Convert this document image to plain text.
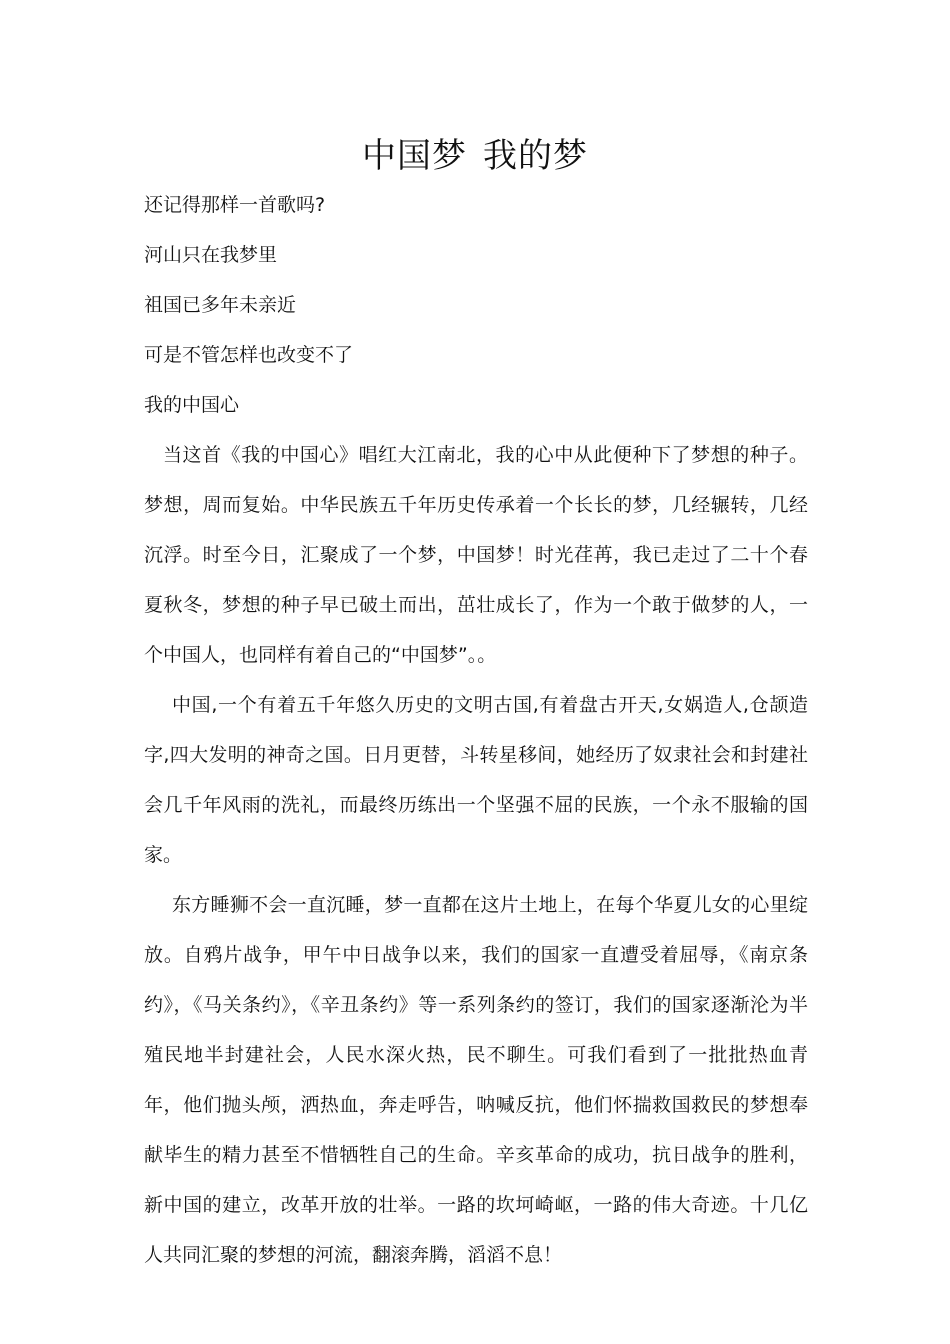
中国梦 我的梦
还记得那样一首歌吗?
河山只在我梦里
祖国已多年未亲近
可是不管怎样也改变不了
我的中国心

当这首《我的中国心》唱红大江南北，我的心中从此便种下了梦想的种子。梦想，周而复始。中华民族五千年历史传承着一个长长的梦，几经辗转，几经沉浮。时至今日，汇聚成了一个梦，中国梦！时光荏苒，我已走过了二十个春夏秋冬，梦想的种子早已破土而出，茁壮成长了，作为一个敢于做梦的人，一个中国人，也同样有着自己的“中国梦”。。

中国,一个有着五千年悠久历史的文明古国,有着盘古开天,女娲造人,仓颉造字,四大发明的神奇之国。日月更替，斗转星移间，她经历了奴隶社会和封建社会几千年风雨的洗礼，而最终历练出一个坚强不屈的民族，一个永不服输的国家。

东方睡狮不会一直沉睡，梦一直都在这片土地上，在每个华夏儿女的心里绽放。自鸦片战争，甲午中日战争以来，我们的国家一直遭受着屈辱，《南京条约》，《马关条约》，《辛丑条约》等一系列条约的签订，我们的国家逐渐沦为半殖民地半封建社会，人民水深火热，民不聊生。可我们看到了一批批热血青年，他们抛头颅，洒热血，奔走呼告，呐喊反抗，他们怀揣救国救民的梦想奉献毕生的精力甚至不惜牺牲自己的生命。辛亥革命的成功，抗日战争的胜利，新中国的建立，改革开放的壮举。一路的坎坷崎岖，一路的伟大奇迹。十几亿人共同汇聚的梦想的河流，翻滚奔腾，滔滔不息！
